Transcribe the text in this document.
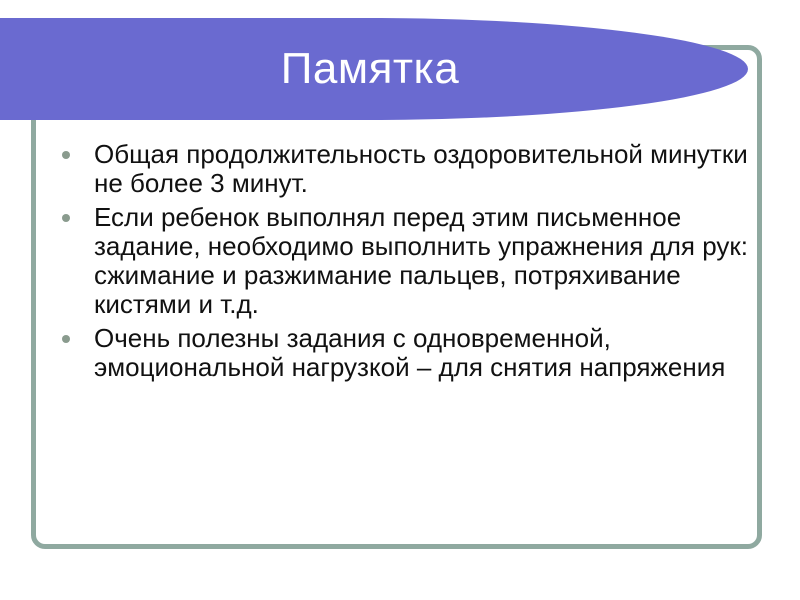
Памятка
Общая продолжительность оздоровительной минутки не более 3 минут.
Если ребенок выполнял перед этим письменное задание, необходимо выполнить упражнения для рук: сжимание и разжимание пальцев, потряхивание кистями и т.д.
Очень полезны задания с одновременной, эмоциональной нагрузкой – для снятия напряжения
